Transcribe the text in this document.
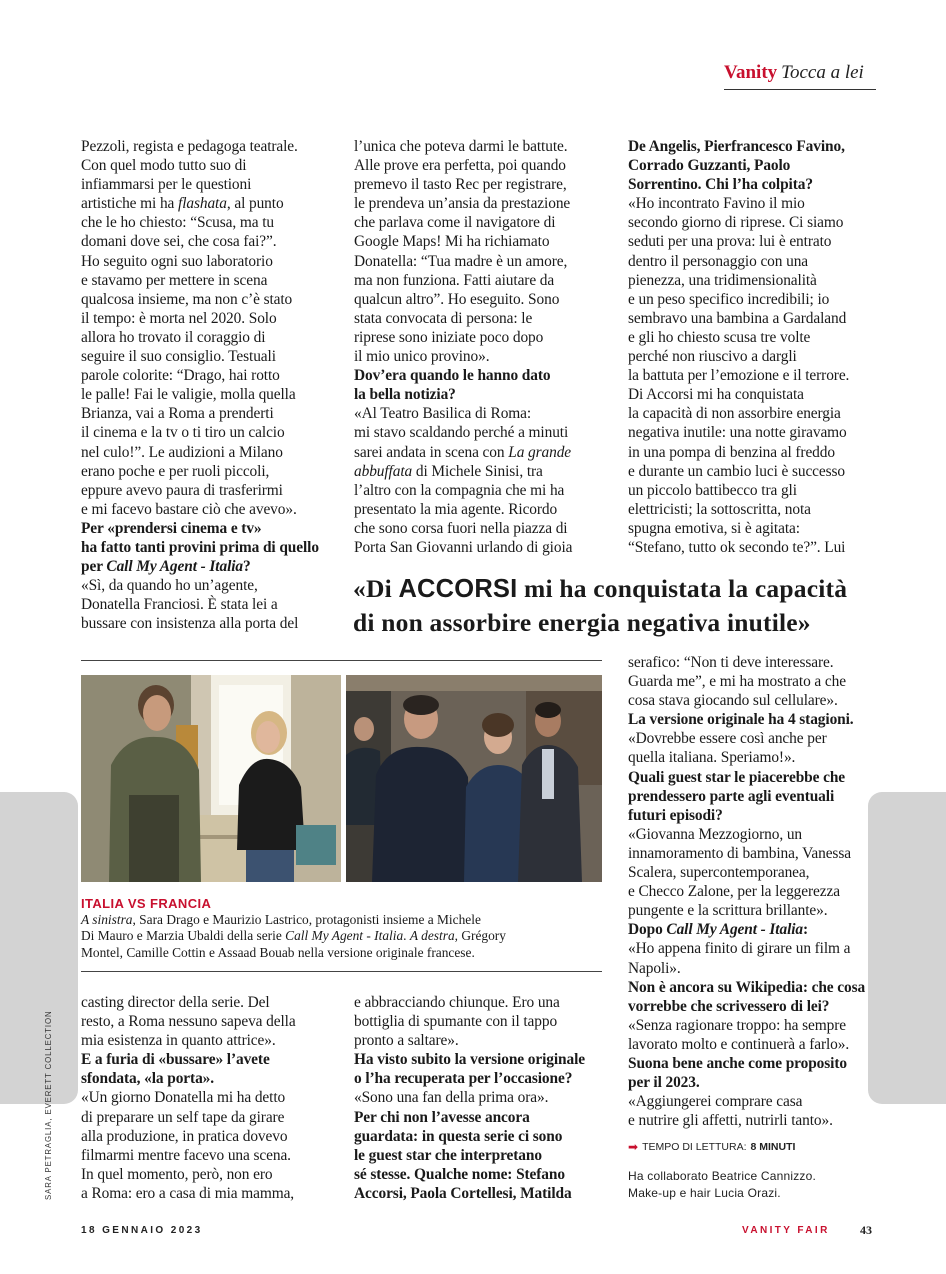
Vanity Tocca a lei
Pezzoli, regista e pedagoga teatrale.
Con quel modo tutto suo di
infiammarsi per le questioni
artistiche mi ha flashata, al punto
che le ho chiesto: “Scusa, ma tu
domani dove sei, che cosa fai?”.
Ho seguito ogni suo laboratorio
e stavamo per mettere in scena
qualcosa insieme, ma non c’è stato
il tempo: è morta nel 2020. Solo
allora ho trovato il coraggio di
seguire il suo consiglio. Testuali
parole colorite: “Drago, hai rotto
le palle! Fai le valigie, molla quella
Brianza, vai a Roma a prenderti
il cinema e la tv o ti tiro un calcio
nel culo!”. Le audizioni a Milano
erano poche e per ruoli piccoli,
eppure avevo paura di trasferirmi
e mi facevo bastare ciò che avevo».
Per «prendersi cinema e tv»
ha fatto tanti provini prima di quello
per Call My Agent - Italia?
«Sì, da quando ho un’agente,
Donatella Franciosi. È stata lei a
bussare con insistenza alla porta del
l’unica che poteva darmi le battute.
Alle prove era perfetta, poi quando
premevo il tasto Rec per registrare,
le prendeva un’ansia da prestazione
che parlava come il navigatore di
Google Maps! Mi ha richiamato
Donatella: “Tua madre è un amore,
ma non funziona. Fatti aiutare da
qualcun altro”. Ho eseguito. Sono
stata convocata di persona: le
riprese sono iniziate poco dopo
il mio unico provino».
Dov’era quando le hanno dato
la bella notizia?
«Al Teatro Basilica di Roma:
mi stavo scaldando perché a minuti
sarei andata in scena con La grande
abbuffata di Michele Sinisi, tra
l’altro con la compagnia che mi ha
presentato la mia agente. Ricordo
che sono corsa fuori nella piazza di
Porta San Giovanni urlando di gioia
De Angelis, Pierfrancesco Favino,
Corrado Guzzanti, Paolo
Sorrentino. Chi l’ha colpita?
«Ho incontrato Favino il mio
secondo giorno di riprese. Ci siamo
seduti per una prova: lui è entrato
dentro il personaggio con una
pienezza, una tridimensionalità
e un peso specifico incredibili; io
sembravo una bambina a Gardaland
e gli ho chiesto scusa tre volte
perché non riuscivo a dargli
la battuta per l’emozione e il terrore.
Di Accorsi mi ha conquistata
la capacità di non assorbire energia
negativa inutile: una notte giravamo
in una pompa di benzina al freddo
e durante un cambio luci è successo
un piccolo battibecco tra gli
elettricisti; la sottoscritta, nota
spugna emotiva, si è agitata:
“Stefano, tutto ok secondo te?”. Lui
«Di ACCORSI mi ha conquistata la capacità
di non assorbire energia negativa inutile»
serafico: “Non ti deve interessare.
Guarda me”, e mi ha mostrato a che
cosa stava giocando sul cellulare».
La versione originale ha 4 stagioni.
«Dovrebbe essere così anche per
quella italiana. Speriamo!».
Quali guest star le piacerebbe che
prendessero parte agli eventuali
futuri episodi?
«Giovanna Mezzogiorno, un
innamoramento di bambina, Vanessa
Scalera, supercontemporanea,
e Checco Zalone, per la leggerezza
pungente e la scrittura brillante».
Dopo Call My Agent - Italia:
«Ho appena finito di girare un film a
Napoli».
Non è ancora su Wikipedia: che cosa
vorrebbe che scrivessero di lei?
«Senza ragionare troppo: ha sempre
lavorato molto e continuerà a farlo».
Suona bene anche come proposito
per il 2023.
«Aggiungerei comprare casa
e nutrire gli affetti, nutrirli tanto».
ITALIA VS FRANCIA
A sinistra, Sara Drago e Maurizio Lastrico, protagonisti insieme a Michele
Di Mauro e Marzia Ubaldi della serie Call My Agent - Italia. A destra, Grégory
Montel, Camille Cottin e Assaad Bouab nella versione originale francese.
casting director della serie. Del
resto, a Roma nessuno sapeva della
mia esistenza in quanto attrice».
E a furia di «bussare» l’avete
sfondata, «la porta».
«Un giorno Donatella mi ha detto
di preparare un self tape da girare
alla produzione, in pratica dovevo
filmarmi mentre facevo una scena.
In quel momento, però, non ero
a Roma: ero a casa di mia mamma,
e abbracciando chiunque. Ero una
bottiglia di spumante con il tappo
pronto a saltare».
Ha visto subito la versione originale
o l’ha recuperata per l’occasione?
«Sono una fan della prima ora».
Per chi non l’avesse ancora
guardata: in questa serie ci sono
le guest star che interpretano
sé stesse. Qualche nome: Stefano
Accorsi, Paola Cortellesi, Matilda
SARA PETRAGLIA, EVERETT COLLECTION	➡ TEMPO DI LETTURA: 8 MINUTI
Ha collaborato Beatrice Cannizzo.
Make-up e hair Lucia Orazi.
18 GENNAIO 2023	VANITY FAIR	43
